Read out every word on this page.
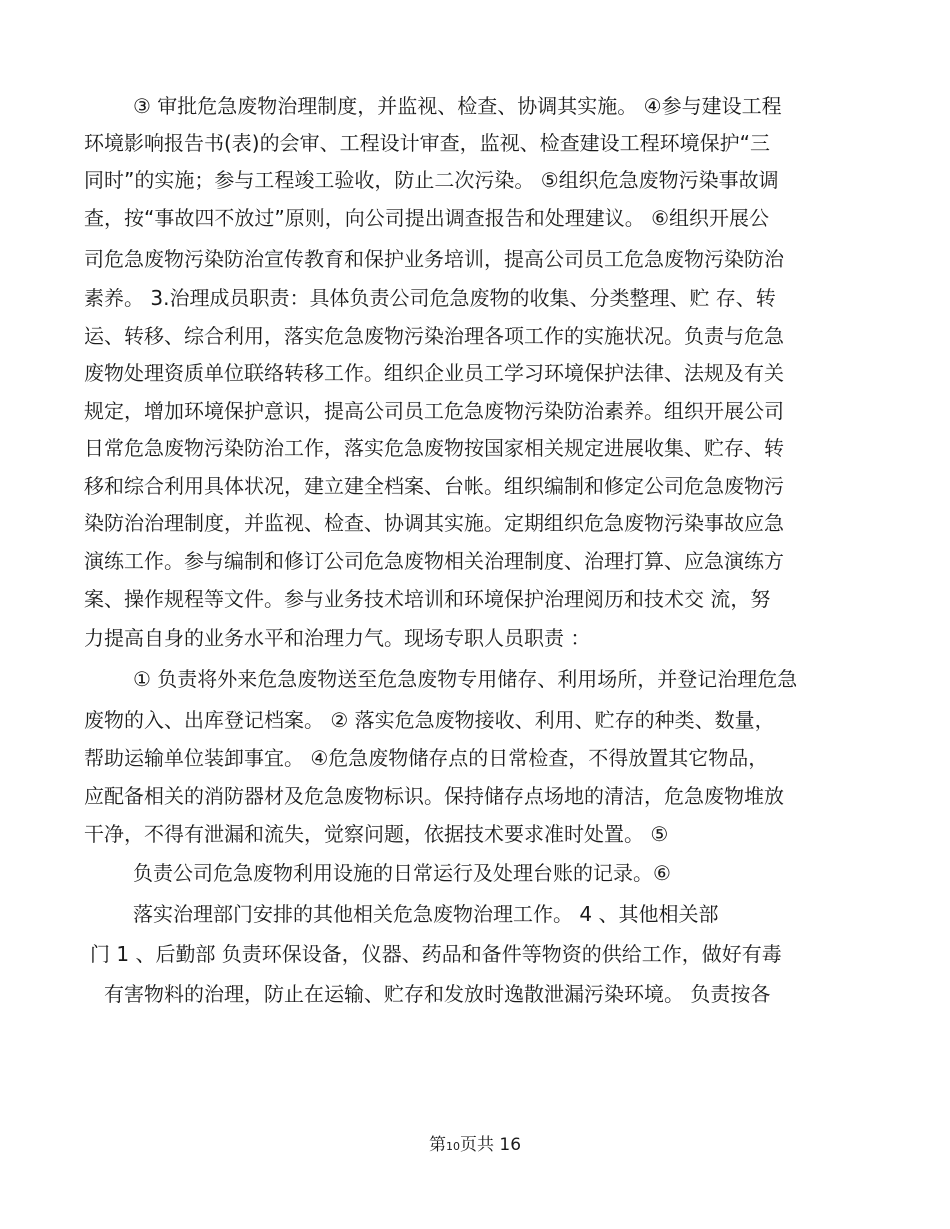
③ 审批危急废物治理制度，并监视、检查、协调其实施。 ④参与建设工程
环境影响报告书(表)的会审、工程设计审查，监视、检查建设工程环境保护“三
同时”的实施；参与工程竣工验收，防止二次污染。 ⑤组织危急废物污染事故调
查，按“事故四不放过”原则，向公司提出调查报告和处理建议。 ⑥组织开展公
司危急废物污染防治宣传教育和保护业务培训，提高公司员工危急废物污染防治
素养。 3.治理成员职责：具体负责公司危急废物的收集、分类整理、贮 存、转
运、转移、综合利用，落实危急废物污染治理各项工作的实施状况。负责与危急
废物处理资质单位联络转移工作。组织企业员工学习环境保护法律、法规及有关
规定，增加环境保护意识，提高公司员工危急废物污染防治素养。组织开展公司
日常危急废物污染防治工作，落实危急废物按国家相关规定进展收集、贮存、转
移和综合利用具体状况，建立建全档案、台帐。组织编制和修定公司危急废物污
染防治治理制度，并监视、检查、协调其实施。定期组织危急废物污染事故应急
演练工作。参与编制和修订公司危急废物相关治理制度、治理打算、应急演练方
案、操作规程等文件。参与业务技术培训和环境保护治理阅历和技术交 流，努
力提高自身的业务水平和治理力气。现场专职人员职责 ：
① 负责将外来危急废物送至危急废物专用储存、利用场所，并登记治理危急
废物的入、出库登记档案。 ② 落实危急废物接收、利用、贮存的种类、数量，
帮助运输单位装卸事宜。 ④危急废物储存点的日常检查，不得放置其它物品，
应配备相关的消防器材及危急废物标识。保持储存点场地的清洁，危急废物堆放
干净，不得有泄漏和流失，觉察问题，依据技术要求准时处置。 ⑤
负责公司危急废物利用设施的日常运行及处理台账的记录。⑥
落实治理部门安排的其他相关危急废物治理工作。 4 、其他相关部
门 1 、后勤部 负责环保设备，仪器、药品和备件等物资的供给工作，做好有毒
有害物料的治理，防止在运输、贮存和发放时逸散泄漏污染环境。 负责按各
第10页共 16
